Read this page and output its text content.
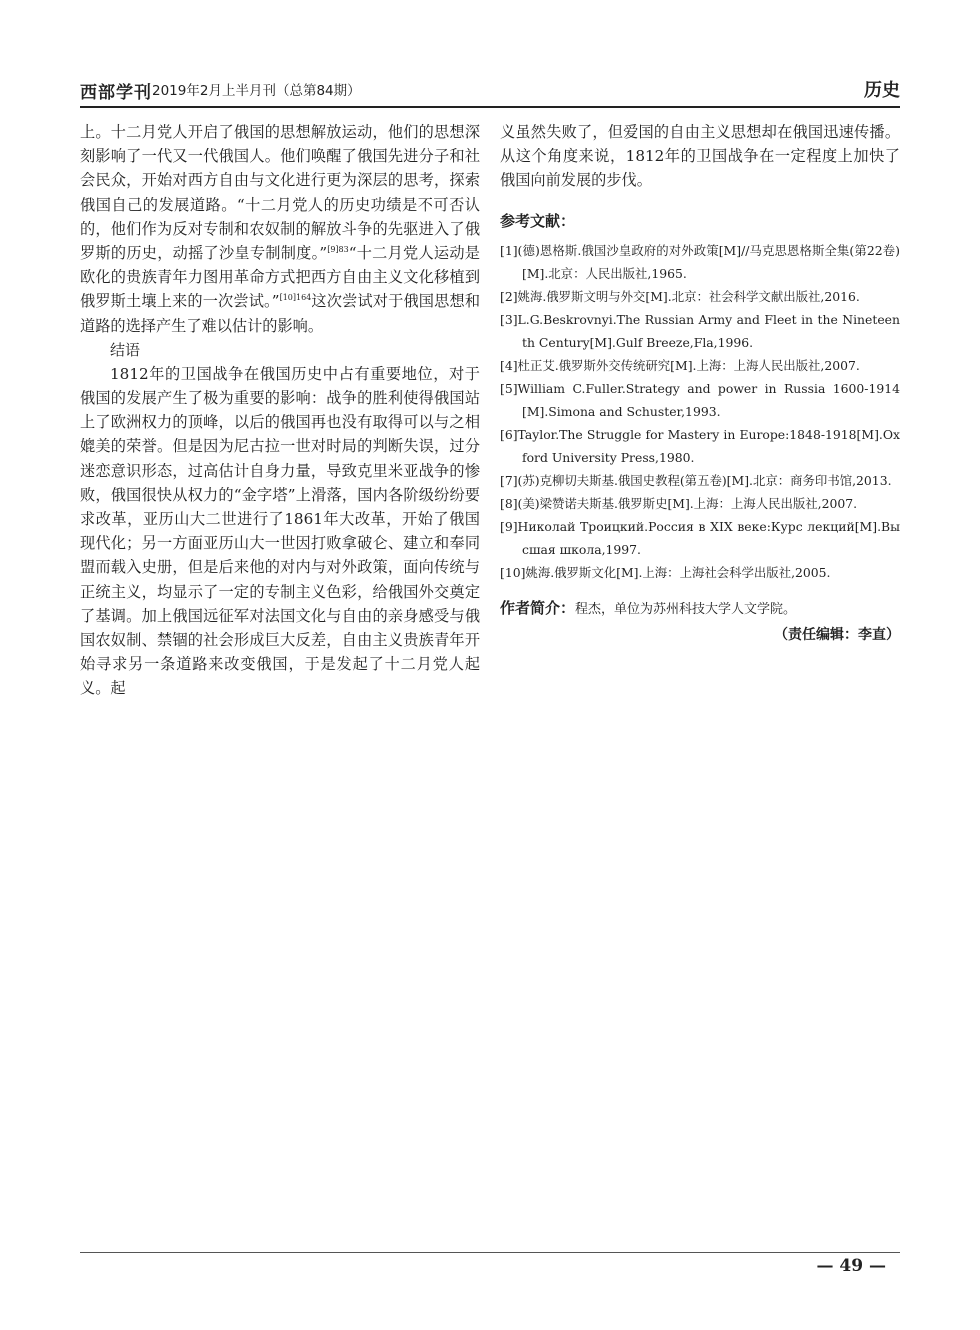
西部学刊 2019年2月上半月刊（总第84期）	历史

上。十二月党人开启了俄国的思想解放运动，他们的思想深刻影响了一代又一代俄国人。他们唤醒了俄国先进分子和社会民众，开始对西方自由与文化进行更为深层的思考，探索俄国自己的发展道路。“十二月党人的历史功绩是不可否认的，他们作为反对专制和农奴制的解放斗争的先驱进入了俄罗斯的历史，动摇了沙皇专制制度。”$^{[9]83}$“十二月党人运动是欧化的贵族青年力图用革命方式把西方自由主义文化移植到俄罗斯土壤上来的一次尝试。”$^{[10]164}$这次尝试对于俄国思想和道路的选择产生了难以估计的影响。

结语

1812年的卫国战争在俄国历史中占有重要地位，对于俄国的发展产生了极为重要的影响：战争的胜利使得俄国站上了欧洲权力的顶峰，以后的俄国再也没有取得可以与之相媲美的荣誉。但是因为尼古拉一世对时局的判断失误，过分迷恋意识形态，过高估计自身力量，导致克里米亚战争的惨败，俄国很快从权力的“金字塔”上滑落，国内各阶级纷纷要求改革，亚历山大二世进行了1861年大改革，开始了俄国现代化；另一方面亚历山大一世因打败拿破仑、建立和奉同盟而载入史册，但是后来他的对内与对外政策，面向传统与正统主义，均显示了一定的专制主义色彩，给俄国外交奠定了基调。加上俄国远征军对法国文化与自由的亲身感受与俄国农奴制、禁锢的社会形成巨大反差，自由主义贵族青年开始寻求另一条道路来改变俄国，于是发起了十二月党人起义。起

义虽然失败了，但爱国的自由主义思想却在俄国迅速传播。从这个角度来说，1812年的卫国战争在一定程度上加快了俄国向前发展的步伐。

参考文献：

[1](德)恩格斯.俄国沙皇政府的对外政策[M]//马克思恩格斯全集(第22卷)[M].北京：人民出版社,1965.
[2]姚海.俄罗斯文明与外交[M].北京：社会科学文献出版社,2016.
[3]L.G.Beskrovnyi.The Russian Army and Fleet in the Nineteenth Century[M].Gulf Breeze,Fla,1996.
[4]杜正艾.俄罗斯外交传统研究[M].上海：上海人民出版社,2007.
[5]William C.Fuller.Strategy and power in Russia 1600-1914[M].Simona and Schuster,1993.
[6]Taylor.The Struggle for Mastery in Europe:1848-1918[M].Oxford University Press,1980.
[7](苏)克柳切夫斯基.俄国史教程(第五卷)[M].北京：商务印书馆,2013.
[8](美)梁赞诺夫斯基.俄罗斯史[M].上海：上海人民出版社,2007.
[9]Николай Троицкий.Россия в XIX веке:Курс лекций[M].Высшая школа,1997.
[10]姚海.俄罗斯文化[M].上海：上海社会科学出版社,2005.

作者简介：程杰，单位为苏州科技大学人文学院。

（责任编辑：李直）

— 49 —
